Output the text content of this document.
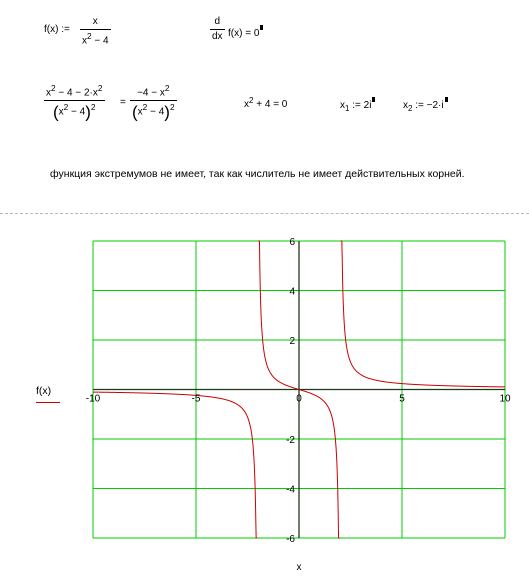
f(x) :=
x
$x^2 - 4$
d
dx f(x) = 0
$x^2 - 4 - 2\cdot x^2$
$(x^2 - 4)^2$	=
$-4 - x^2$
$(x^2 - 4)^2$	$x^2 + 4 = 0$	$x_1$ := 2i	$x_2$ := −2·i
функция экстремумов не имеет, так как числитель не имеет действительных корней.
f(x)
-10	-5	0	5	10
6
4
2
-2
-4
-6
x
